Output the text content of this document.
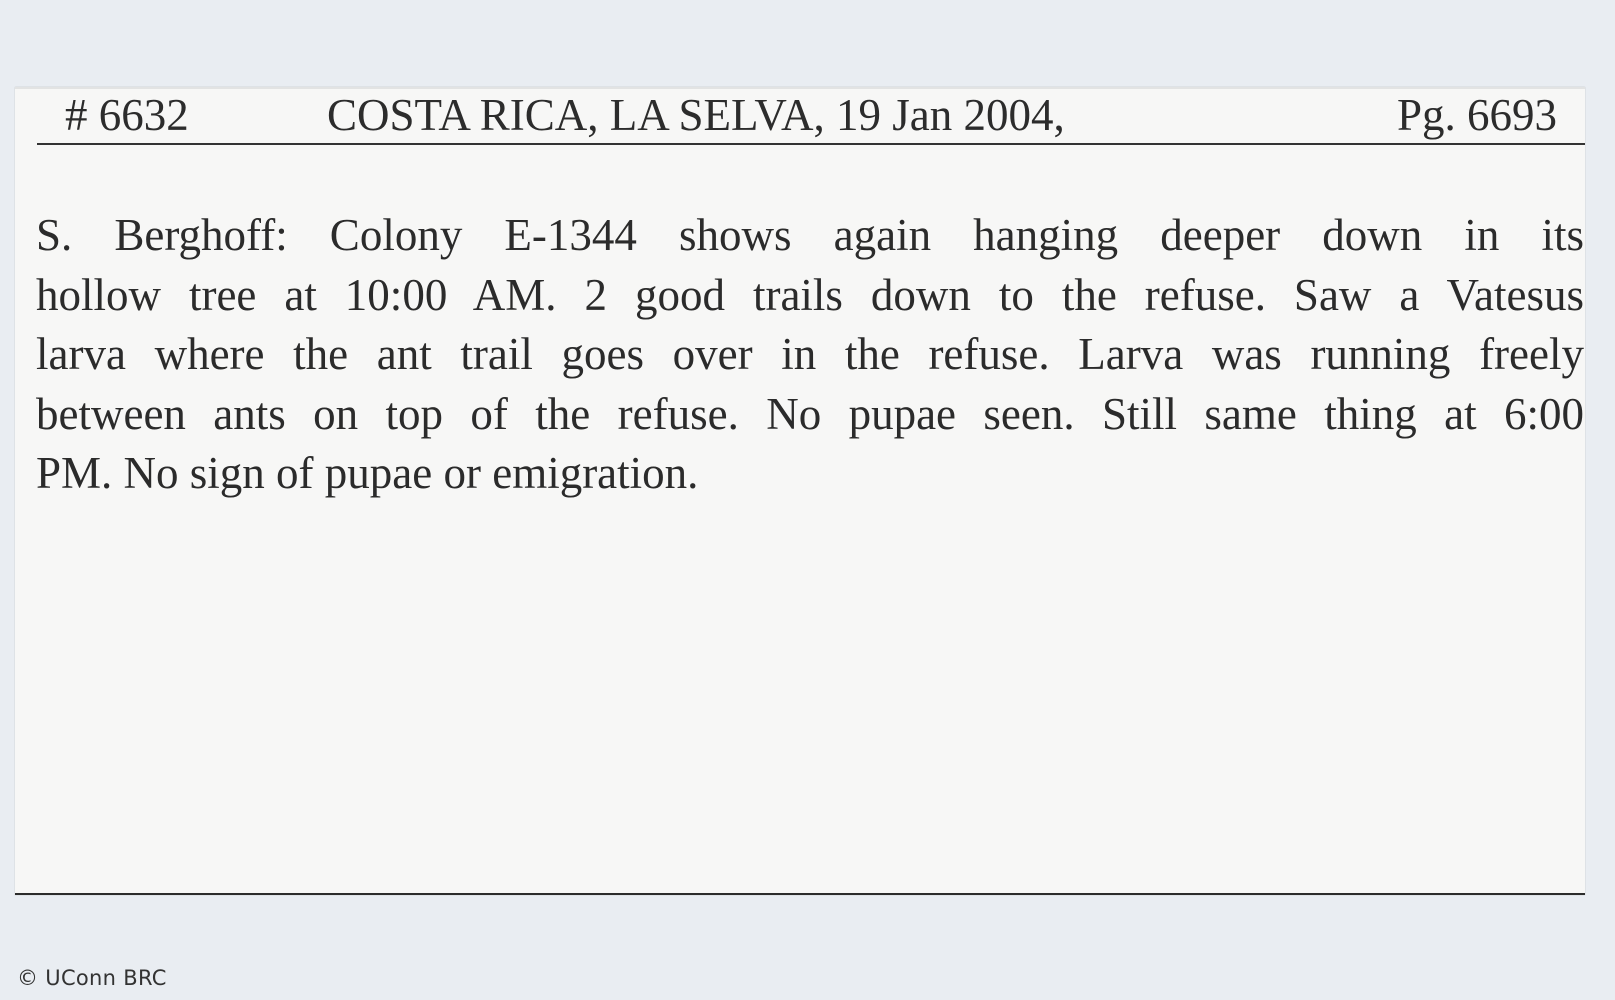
# 6632	COSTA RICA, LA SELVA, 19 Jan 2004,	Pg. 6693

S. Berghoff: Colony E-1344 shows again hanging deeper down in its

hollow tree at 10:00 AM. 2 good trails down to the refuse. Saw a Vatesus

larva where the ant trail goes over in the refuse. Larva was running freely

between ants on top of the refuse. No pupae seen. Still same thing at 6:00

PM. No sign of pupae or emigration.

© UConn BRC
